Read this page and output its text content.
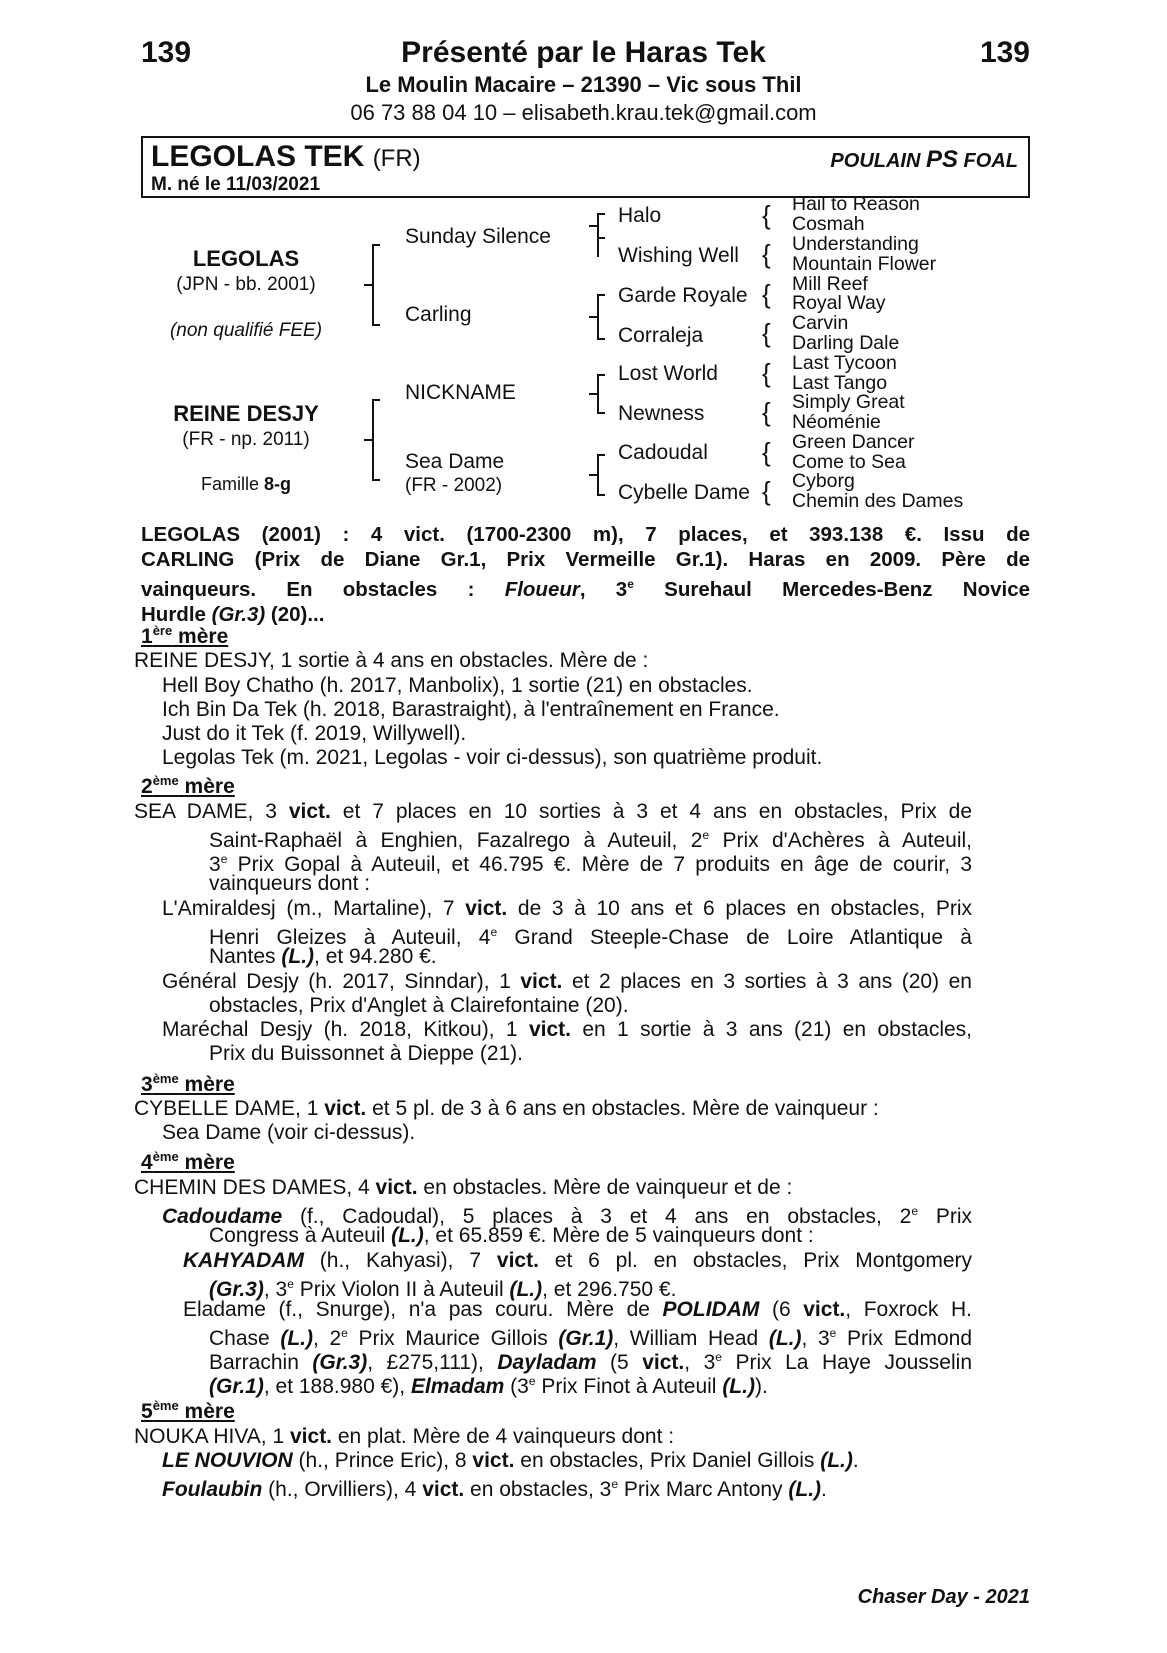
139	139
Présenté par le Haras Tek
Le Moulin Macaire – 21390 – Vic sous Thil
06 73 88 04 10 – elisabeth.krau.tek@gmail.com
LEGOLAS TEK (FR)	POULAIN PS FOAL
M. né le 11/03/2021
LEGOLAS
(JPN - bb. 2001)
(non qualifié FEE)
REINE DESJY
(FR - np. 2011)
Famille 8-g
Sunday Silence
Carling
NICKNAME
Sea Dame
(FR - 2002)
Halo
Wishing Well
Garde Royale
Corraleja
Lost World
Newness
Cadoudal
Cybelle Dame
{
{
{
{
{
{
{
{
Hail to Reason
Cosmah
Understanding
Mountain Flower
Mill Reef
Royal Way
Carvin
Darling Dale
Last Tycoon
Last Tango
Simply Great
Néoménie
Green Dancer
Come to Sea
Cyborg
Chemin des Dames
LEGOLAS (2001) : 4 vict. (1700-2300 m), 7 places, et 393.138 €. Issu de
CARLING (Prix de Diane Gr.1, Prix Vermeille Gr.1). Haras en 2009. Père de
vainqueurs. En obstacles : Floueur, 3e Surehaul Mercedes-Benz Novice
Hurdle (Gr.3) (20)...
1ère mère
REINE DESJY, 1 sortie à 4 ans en obstacles. Mère de :
Hell Boy Chatho (h. 2017, Manbolix), 1 sortie (21) en obstacles.
Ich Bin Da Tek (h. 2018, Barastraight), à l'entraînement en France.
Just do it Tek (f. 2019, Willywell).
Legolas Tek (m. 2021, Legolas - voir ci-dessus), son quatrième produit.
2ème mère
SEA DAME, 3 vict. et 7 places en 10 sorties à 3 et 4 ans en obstacles, Prix de
Saint-Raphaël à Enghien, Fazalrego à Auteuil, 2e Prix d'Achères à Auteuil,
3e Prix Gopal à Auteuil, et 46.795 €. Mère de 7 produits en âge de courir, 3
vainqueurs dont :
L'Amiraldesj (m., Martaline), 7 vict. de 3 à 10 ans et 6 places en obstacles, Prix
Henri Gleizes à Auteuil, 4e Grand Steeple-Chase de Loire Atlantique à
Nantes (L.), et 94.280 €.
Général Desjy (h. 2017, Sinndar), 1 vict. et 2 places en 3 sorties à 3 ans (20) en
obstacles, Prix d'Anglet à Clairefontaine (20).
Maréchal Desjy (h. 2018, Kitkou), 1 vict. en 1 sortie à 3 ans (21) en obstacles,
Prix du Buissonnet à Dieppe (21).
3ème mère
CYBELLE DAME, 1 vict. et 5 pl. de 3 à 6 ans en obstacles. Mère de vainqueur :
Sea Dame (voir ci-dessus).
4ème mère
CHEMIN DES DAMES, 4 vict. en obstacles. Mère de vainqueur et de :
Cadoudame (f., Cadoudal), 5 places à 3 et 4 ans en obstacles, 2e Prix
Congress à Auteuil (L.), et 65.859 €. Mère de 5 vainqueurs dont :
KAHYADAM (h., Kahyasi), 7 vict. et 6 pl. en obstacles, Prix Montgomery
(Gr.3), 3e Prix Violon II à Auteuil (L.), et 296.750 €.
Eladame (f., Snurge), n'a pas couru. Mère de POLIDAM (6 vict., Foxrock H.
Chase (L.), 2e Prix Maurice Gillois (Gr.1), William Head (L.), 3e Prix Edmond
Barrachin (Gr.3), £275,111), Dayladam (5 vict., 3e Prix La Haye Jousselin
(Gr.1), et 188.980 €), Elmadam (3e Prix Finot à Auteuil (L.)).
5ème mère
NOUKA HIVA, 1 vict. en plat. Mère de 4 vainqueurs dont :
LE NOUVION (h., Prince Eric), 8 vict. en obstacles, Prix Daniel Gillois (L.).
Foulaubin (h., Orvilliers), 4 vict. en obstacles, 3e Prix Marc Antony (L.).
Chaser Day - 2021
